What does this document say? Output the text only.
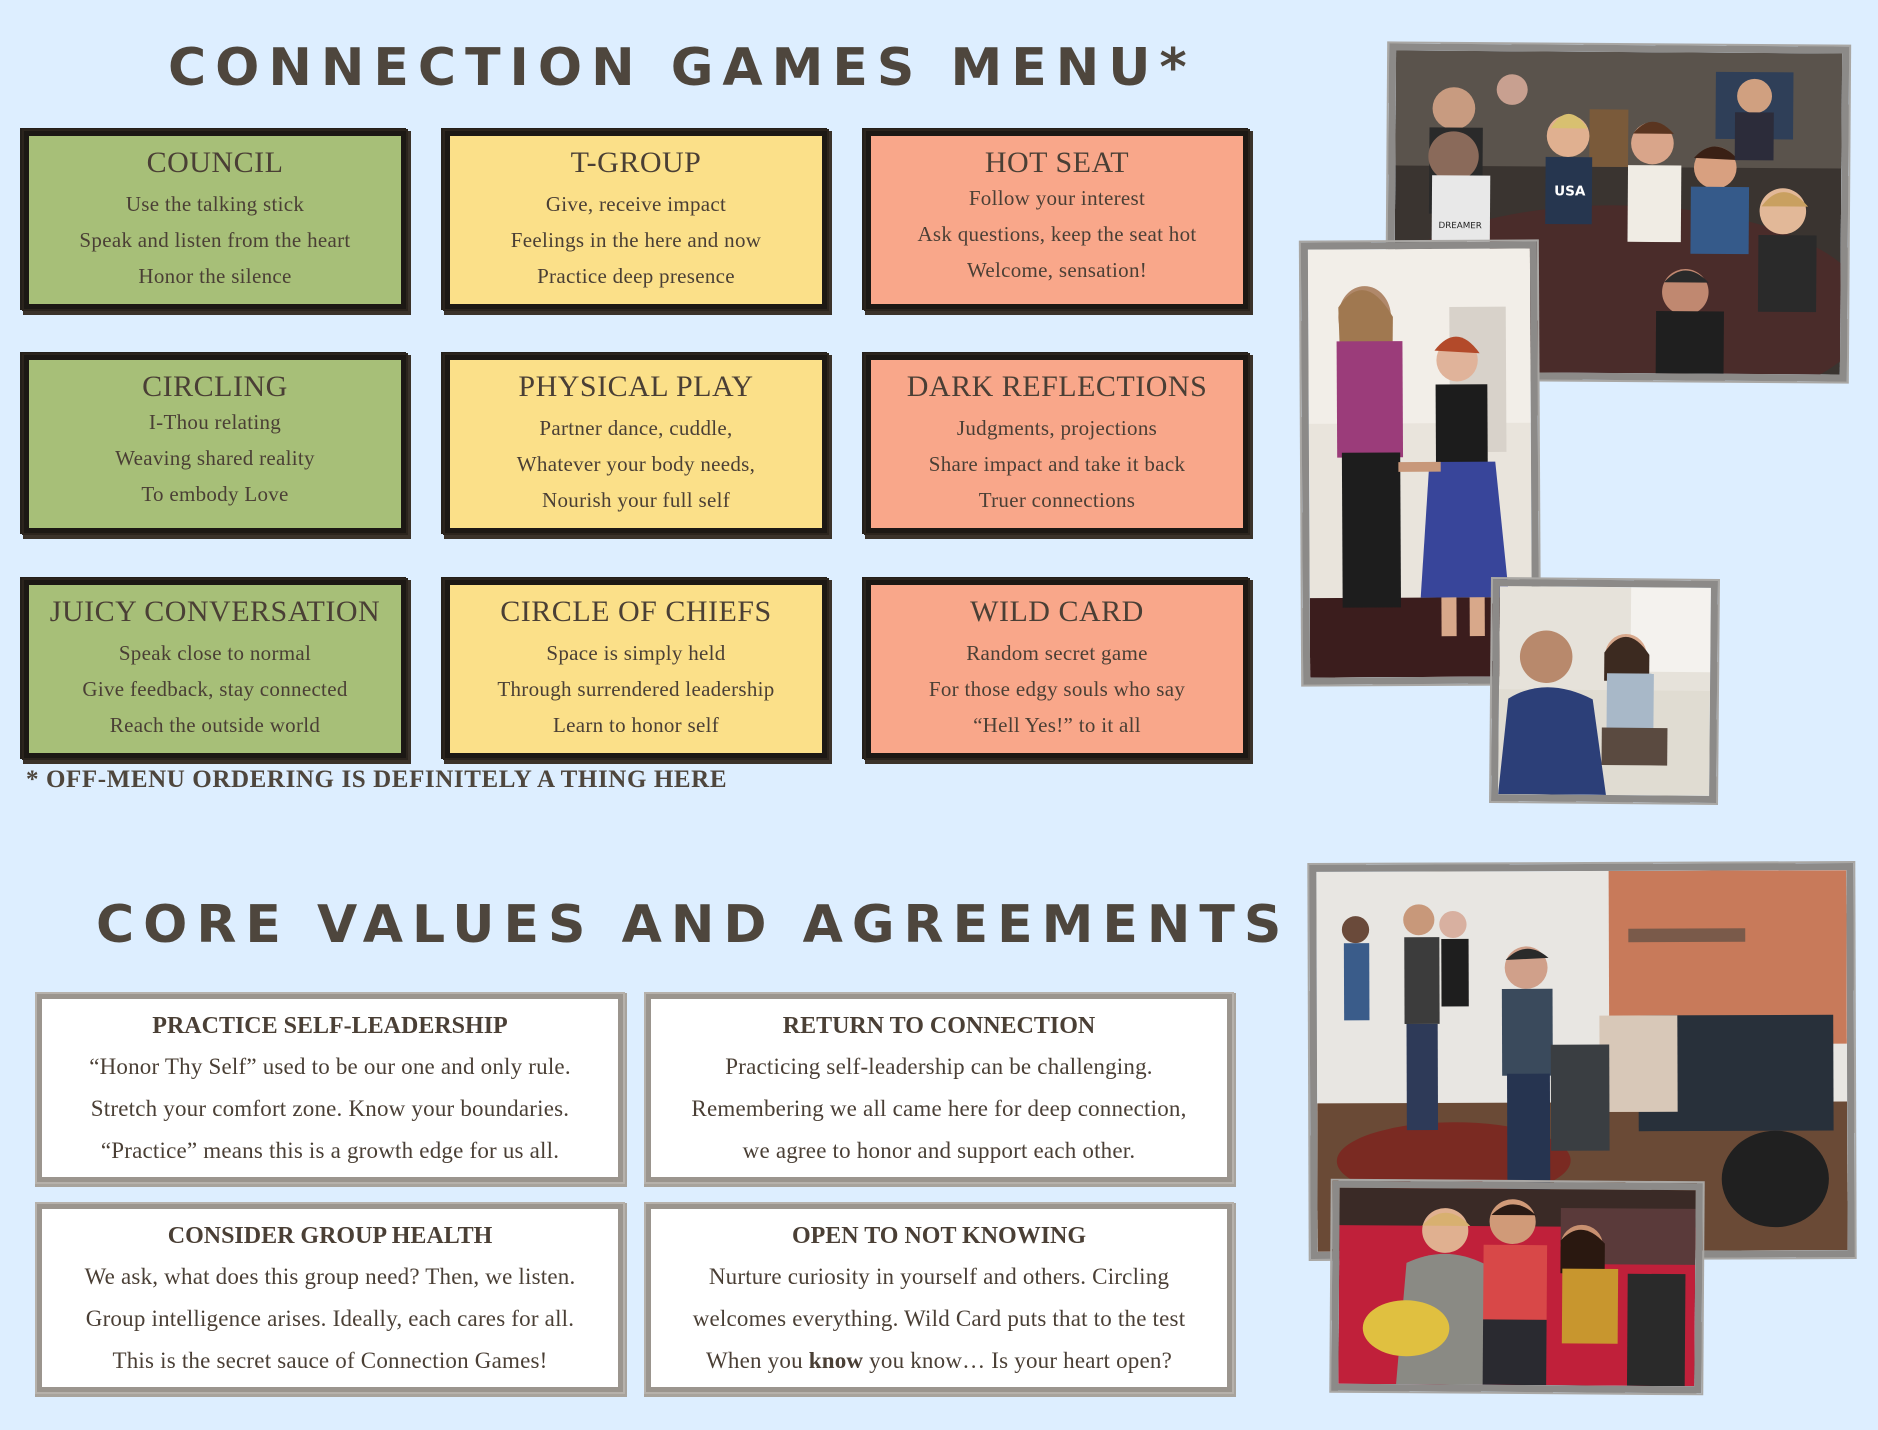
CONNECTION GAMES MENU*
COUNCIL

Use the talking stick

Speak and listen from the heart

Honor the silence

T-GROUP

Give, receive impact

Feelings in the here and now

Practice deep presence

HOT SEAT

Follow your interest

Ask questions, keep the seat hot

Welcome, sensation!

CIRCLING

I-Thou relating

Weaving shared reality

To embody Love

PHYSICAL PLAY

Partner dance, cuddle,

Whatever your body needs,

Nourish your full self

DARK REFLECTIONS

Judgments, projections

Share impact and take it back

Truer connections

JUICY CONVERSATION

Speak close to normal

Give feedback, stay connected

Reach the outside world

CIRCLE OF CHIEFS

Space is simply held

Through surrendered leadership

Learn to honor self

WILD CARD

Random secret game

For those edgy souls who say

“Hell Yes!” to it all

* OFF-MENU ORDERING IS DEFINITELY A THING HERE
CORE VALUES AND AGREEMENTS
PRACTICE SELF-LEADERSHIP

“Honor Thy Self” used to be our one and only rule.

Stretch your comfort zone. Know your boundaries.

“Practice” means this is a growth edge for us all.

RETURN TO CONNECTION

Practicing self-leadership can be challenging.

Remembering we all came here for deep connection,

we agree to honor and support each other.

CONSIDER GROUP HEALTH

We ask, what does this group need? Then, we listen.

Group intelligence arises. Ideally, each cares for all.

This is the secret sauce of Connection Games!

OPEN TO NOT KNOWING

Nurture curiosity in yourself and others. Circling

welcomes everything. Wild Card puts that to the test

When you know you know… Is your heart open?

DREAMER
USA
